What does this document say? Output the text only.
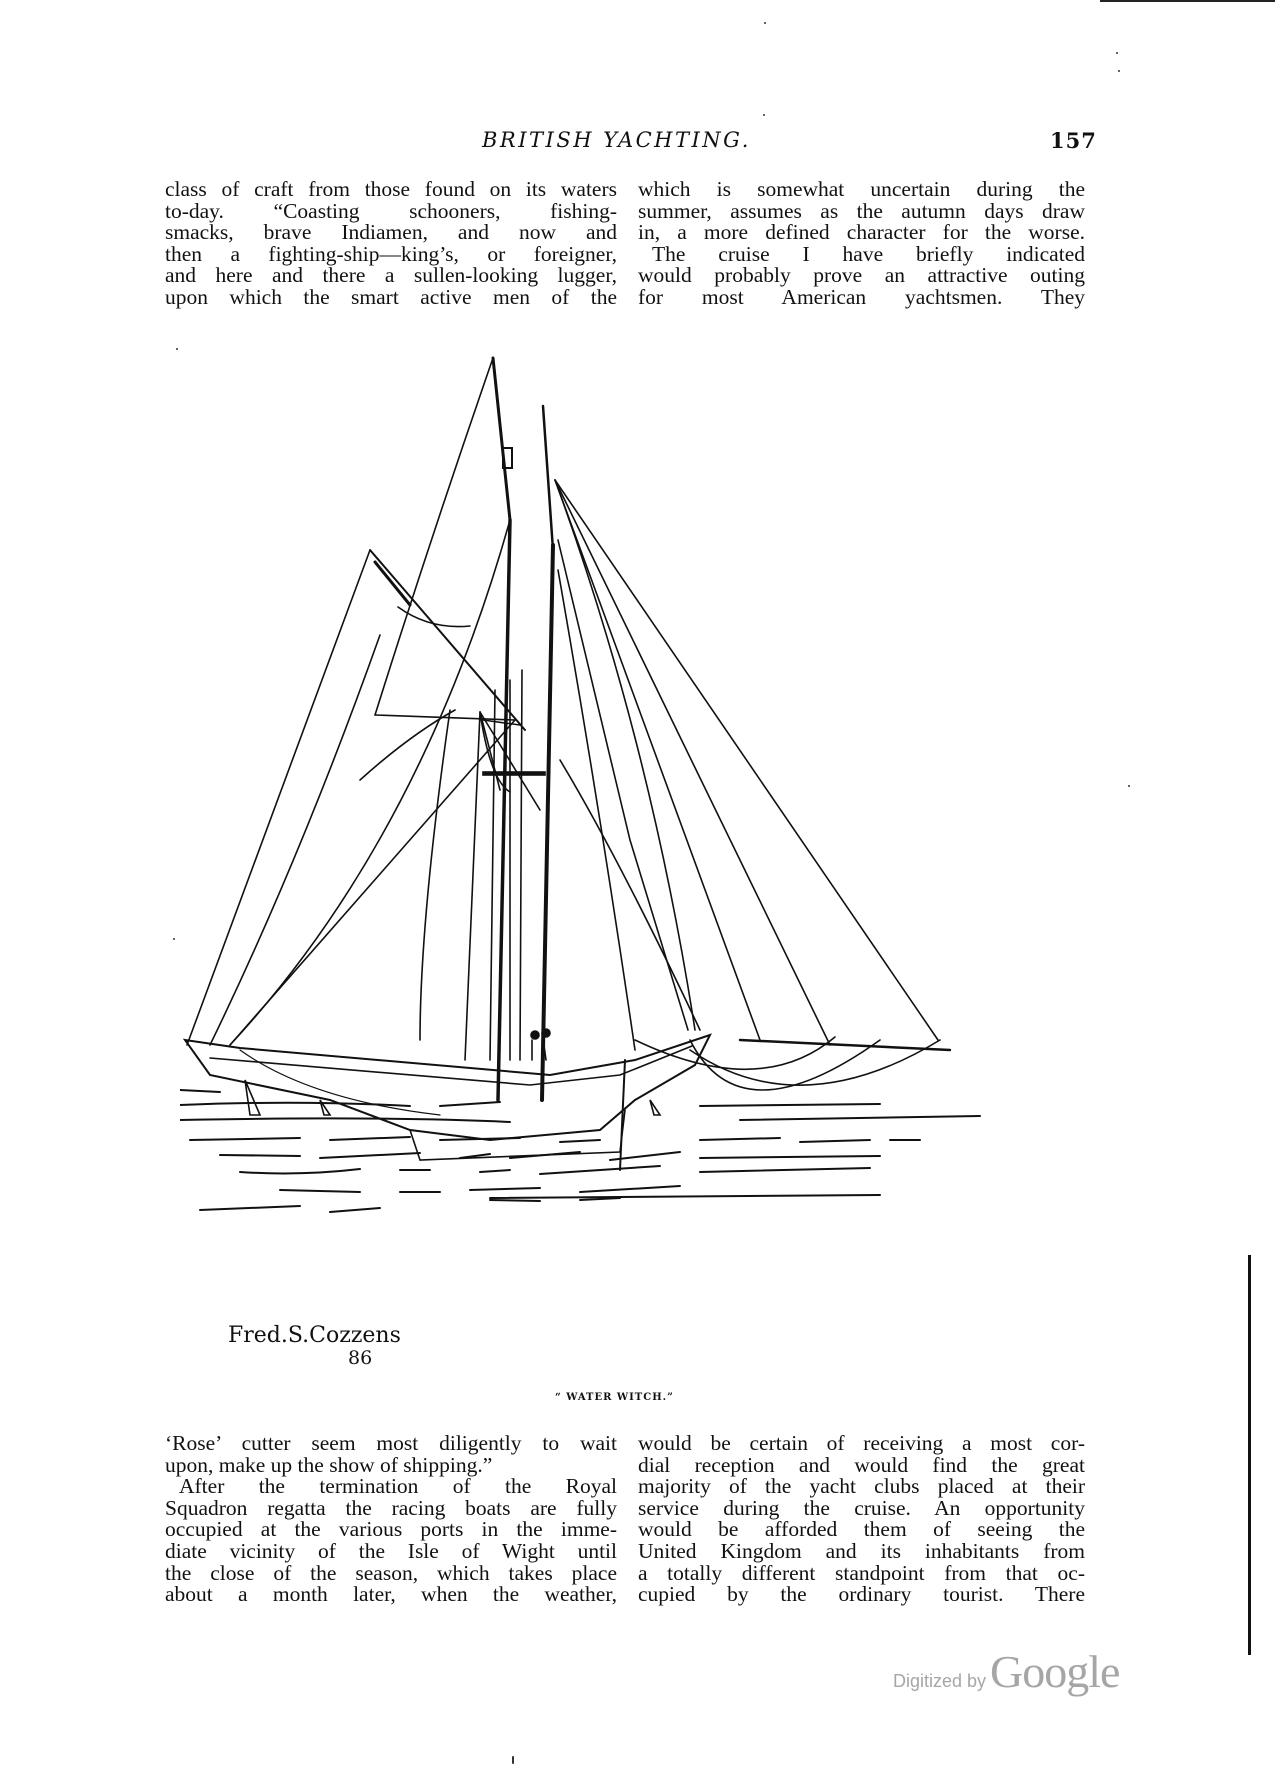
BRITISH YACHTING.	157
class of craft from those found on its waters
to-day. “Coasting schooners, fishing-
smacks, brave Indiamen, and now and
then a fighting-ship—king’s, or foreigner,
and here and there a sullen-looking lugger,
upon which the smart active men of the
which is somewhat uncertain during the
summer, assumes as the autumn days draw
in, a more defined character for the worse.
The cruise I have briefly indicated
would probably prove an attractive outing
for most American yachtsmen. They
Fred.S.Cozzens
86
“ WATER WITCH.”
‘Rose’ cutter seem most diligently to wait
upon, make up the show of shipping.”
After the termination of the Royal
Squadron regatta the racing boats are fully
occupied at the various ports in the imme-
diate vicinity of the Isle of Wight until
the close of the season, which takes place
about a month later, when the weather,
would be certain of receiving a most cor-
dial reception and would find the great
majority of the yacht clubs placed at their
service during the cruise. An opportunity
would be afforded them of seeing the
United Kingdom and its inhabitants from
a totally different standpoint from that oc-
cupied by the ordinary tourist. There
Digitized by Google
